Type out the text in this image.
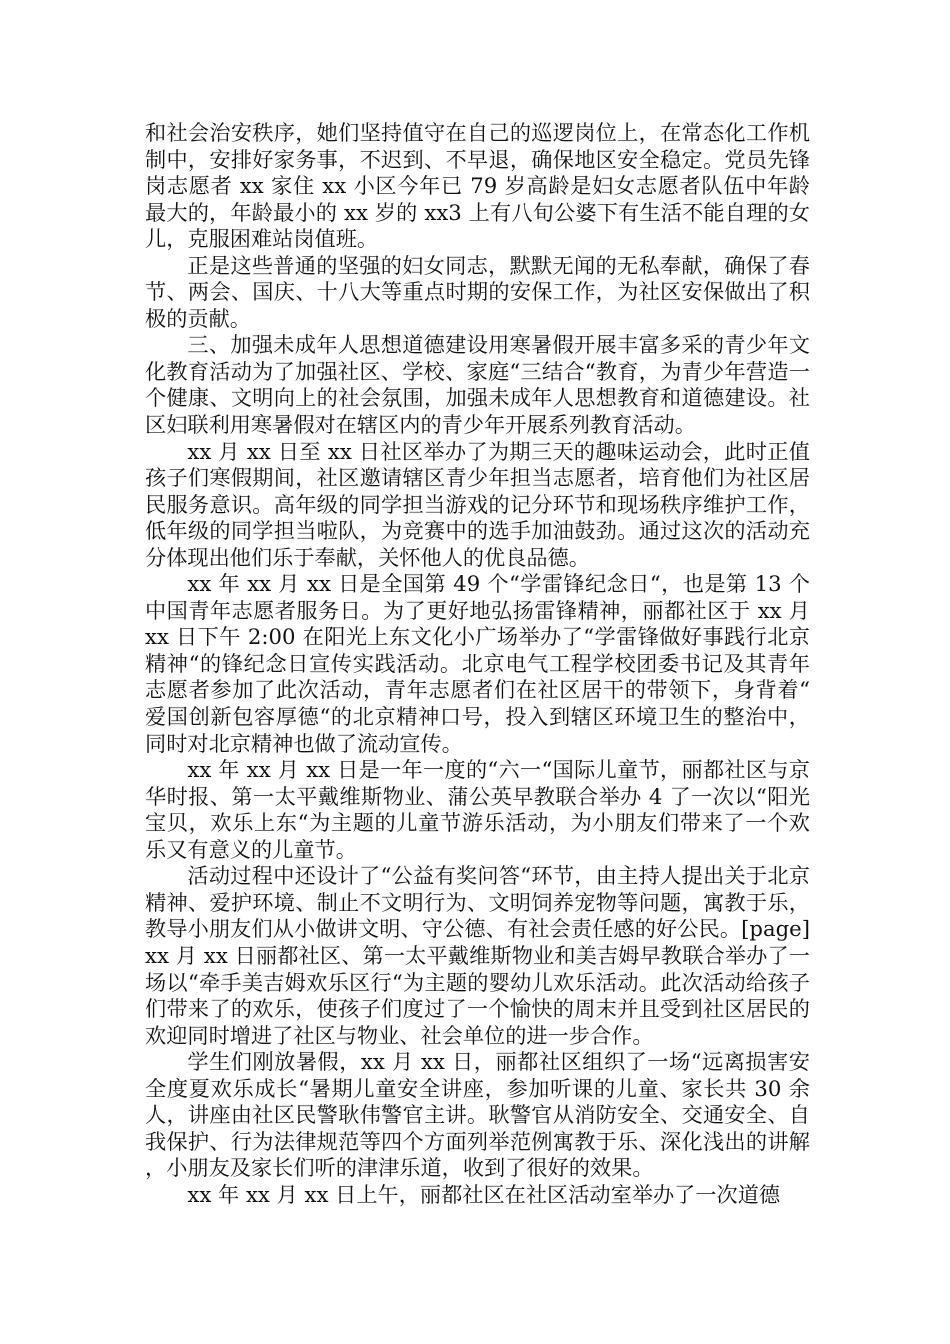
和社会治安秩序，她们坚持值守在自己的巡逻岗位上，在常态化工作机制中，安排好家务事，不迟到、不早退，确保地区安全稳定。党员先锋岗志愿者 xx 家住 xx 小区今年已 79 岁高龄是妇女志愿者队伍中年龄最大的，年龄最小的 xx 岁的 xx3 上有八旬公婆下有生活不能自理的女儿，克服困难站岗值班。

正是这些普通的坚强的妇女同志，默默无闻的无私奉献，确保了春节、两会、国庆、十八大等重点时期的安保工作，为社区安保做出了积极的贡献。

三、加强未成年人思想道德建设用寒暑假开展丰富多采的青少年文化教育活动为了加强社区、学校、家庭“三结合“教育，为青少年营造一个健康、文明向上的社会氛围，加强未成年人思想教育和道德建设。社区妇联利用寒暑假对在辖区内的青少年开展系列教育活动。

xx 月 xx 日至 xx 日社区举办了为期三天的趣味运动会，此时正值孩子们寒假期间，社区邀请辖区青少年担当志愿者，培育他们为社区居民服务意识。高年级的同学担当游戏的记分环节和现场秩序维护工作，低年级的同学担当啦队，为竞赛中的选手加油鼓劲。通过这次的活动充分体现出他们乐于奉献，关怀他人的优良品德。

xx 年 xx 月 xx 日是全国第 49 个“学雷锋纪念日“，也是第 13 个中国青年志愿者服务日。为了更好地弘扬雷锋精神，丽都社区于 xx 月 xx 日下午 2:00 在阳光上东文化小广场举办了“学雷锋做好事践行北京精神“的锋纪念日宣传实践活动。北京电气工程学校团委书记及其青年志愿者参加了此次活动，青年志愿者们在社区居干的带领下，身背着“爱国创新包容厚德“的北京精神口号，投入到辖区环境卫生的整治中，同时对北京精神也做了流动宣传。

xx 年 xx 月 xx 日是一年一度的“六一“国际儿童节，丽都社区与京华时报、第一太平戴维斯物业、蒲公英早教联合举办 4 了一次以“阳光宝贝，欢乐上东“为主题的儿童节游乐活动，为小朋友们带来了一个欢乐又有意义的儿童节。

活动过程中还设计了“公益有奖问答“环节，由主持人提出关于北京精神、爱护环境、制止不文明行为、文明饲养宠物等问题，寓教于乐，教导小朋友们从小做讲文明、守公德、有社会责任感的好公民。[page] xx 月 xx 日丽都社区、第一太平戴维斯物业和美吉姆早教联合举办了一场以“牵手美吉姆欢乐区行“为主题的婴幼儿欢乐活动。此次活动给孩子们带来了的欢乐，使孩子们度过了一个愉快的周末并且受到社区居民的欢迎同时增进了社区与物业、社会单位的进一步合作。

学生们刚放暑假，xx 月 xx 日，丽都社区组织了一场“远离损害安全度夏欢乐成长“暑期儿童安全讲座，参加听课的儿童、家长共 30 余人，讲座由社区民警耿伟警官主讲。耿警官从消防安全、交通安全、自我保护、行为法律规范等四个方面列举范例寓教于乐、深化浅出的讲解，小朋友及家长们听的津津乐道，收到了很好的效果。

xx 年 xx 月 xx 日上午，丽都社区在社区活动室举办了一次道德
